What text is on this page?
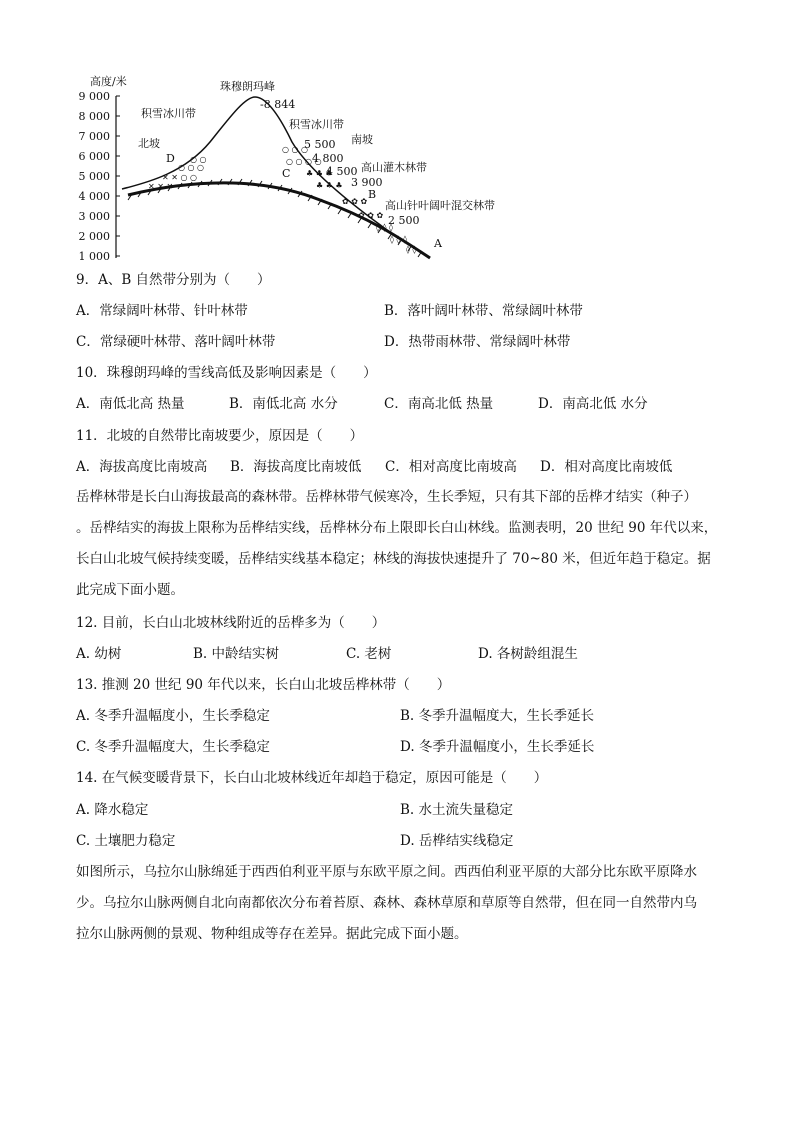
高度/米
9 000
8 000
7 000
6 000
5 000
4 000
3 000
2 000
1 000
✕ ✕ ✕
✕ ✕ ○ ○
○ ○ ○
○ ○
○ ○ ○
○ ○ ○ ○
♣ ♣ ♣
♣ ♣ ♣
✿ ✿ ✿
✿ ✿ ✿
◊ ◊ ◊
◊ ◊ ◊
◊ ◊
珠穆朗玛峰
-8 844
积雪冰川带
北坡
积雪冰川带
南坡
高山灌木林带
高山针叶阔叶混交林带
5 500
4 800
4 500
3 900
2 500
A
B
C
D
9．A、B 自然带分别为（　　）
A．常绿阔叶林带、针叶林带	B．落叶阔叶林带、常绿阔叶林带
C．常绿硬叶林带、落叶阔叶林带	D．热带雨林带、常绿阔叶林带
10．珠穆朗玛峰的雪线高低及影响因素是（　　）
A．南低北高 热量	B．南低北高 水分	C．南高北低 热量	D．南高北低 水分
11．北坡的自然带比南坡要少，原因是（　　）
A．海拔高度比南坡高 B．海拔高度比南坡低 C．相对高度比南坡高 D．相对高度比南坡低
岳桦林带是长白山海拔最高的森林带。岳桦林带气候寒冷，生长季短，只有其下部的岳桦才结实（种子）
。岳桦结实的海拔上限称为岳桦结实线，岳桦林分布上限即长白山林线。监测表明，20 世纪 90 年代以来，
长白山北坡气候持续变暖，岳桦结实线基本稳定；林线的海拔快速提升了 70~80 米，但近年趋于稳定。据
此完成下面小题。
12. 目前，长白山北坡林线附近的岳桦多为（　　）
A. 幼树	B. 中龄结实树	C. 老树	D. 各树龄组混生
13. 推测 20 世纪 90 年代以来，长白山北坡岳桦林带（　　）
A. 冬季升温幅度小，生长季稳定	B. 冬季升温幅度大，生长季延长
C. 冬季升温幅度大，生长季稳定	D. 冬季升温幅度小，生长季延长
14. 在气候变暖背景下，长白山北坡林线近年却趋于稳定，原因可能是（　　）
A. 降水稳定	B. 水土流失量稳定
C. 土壤肥力稳定	D. 岳桦结实线稳定
如图所示，乌拉尔山脉绵延于西西伯利亚平原与东欧平原之间。西西伯利亚平原的大部分比东欧平原降水
少。乌拉尔山脉两侧自北向南都依次分布着苔原、森林、森林草原和草原等自然带，但在同一自然带内乌
拉尔山脉两侧的景观、物种组成等存在差异。据此完成下面小题。
